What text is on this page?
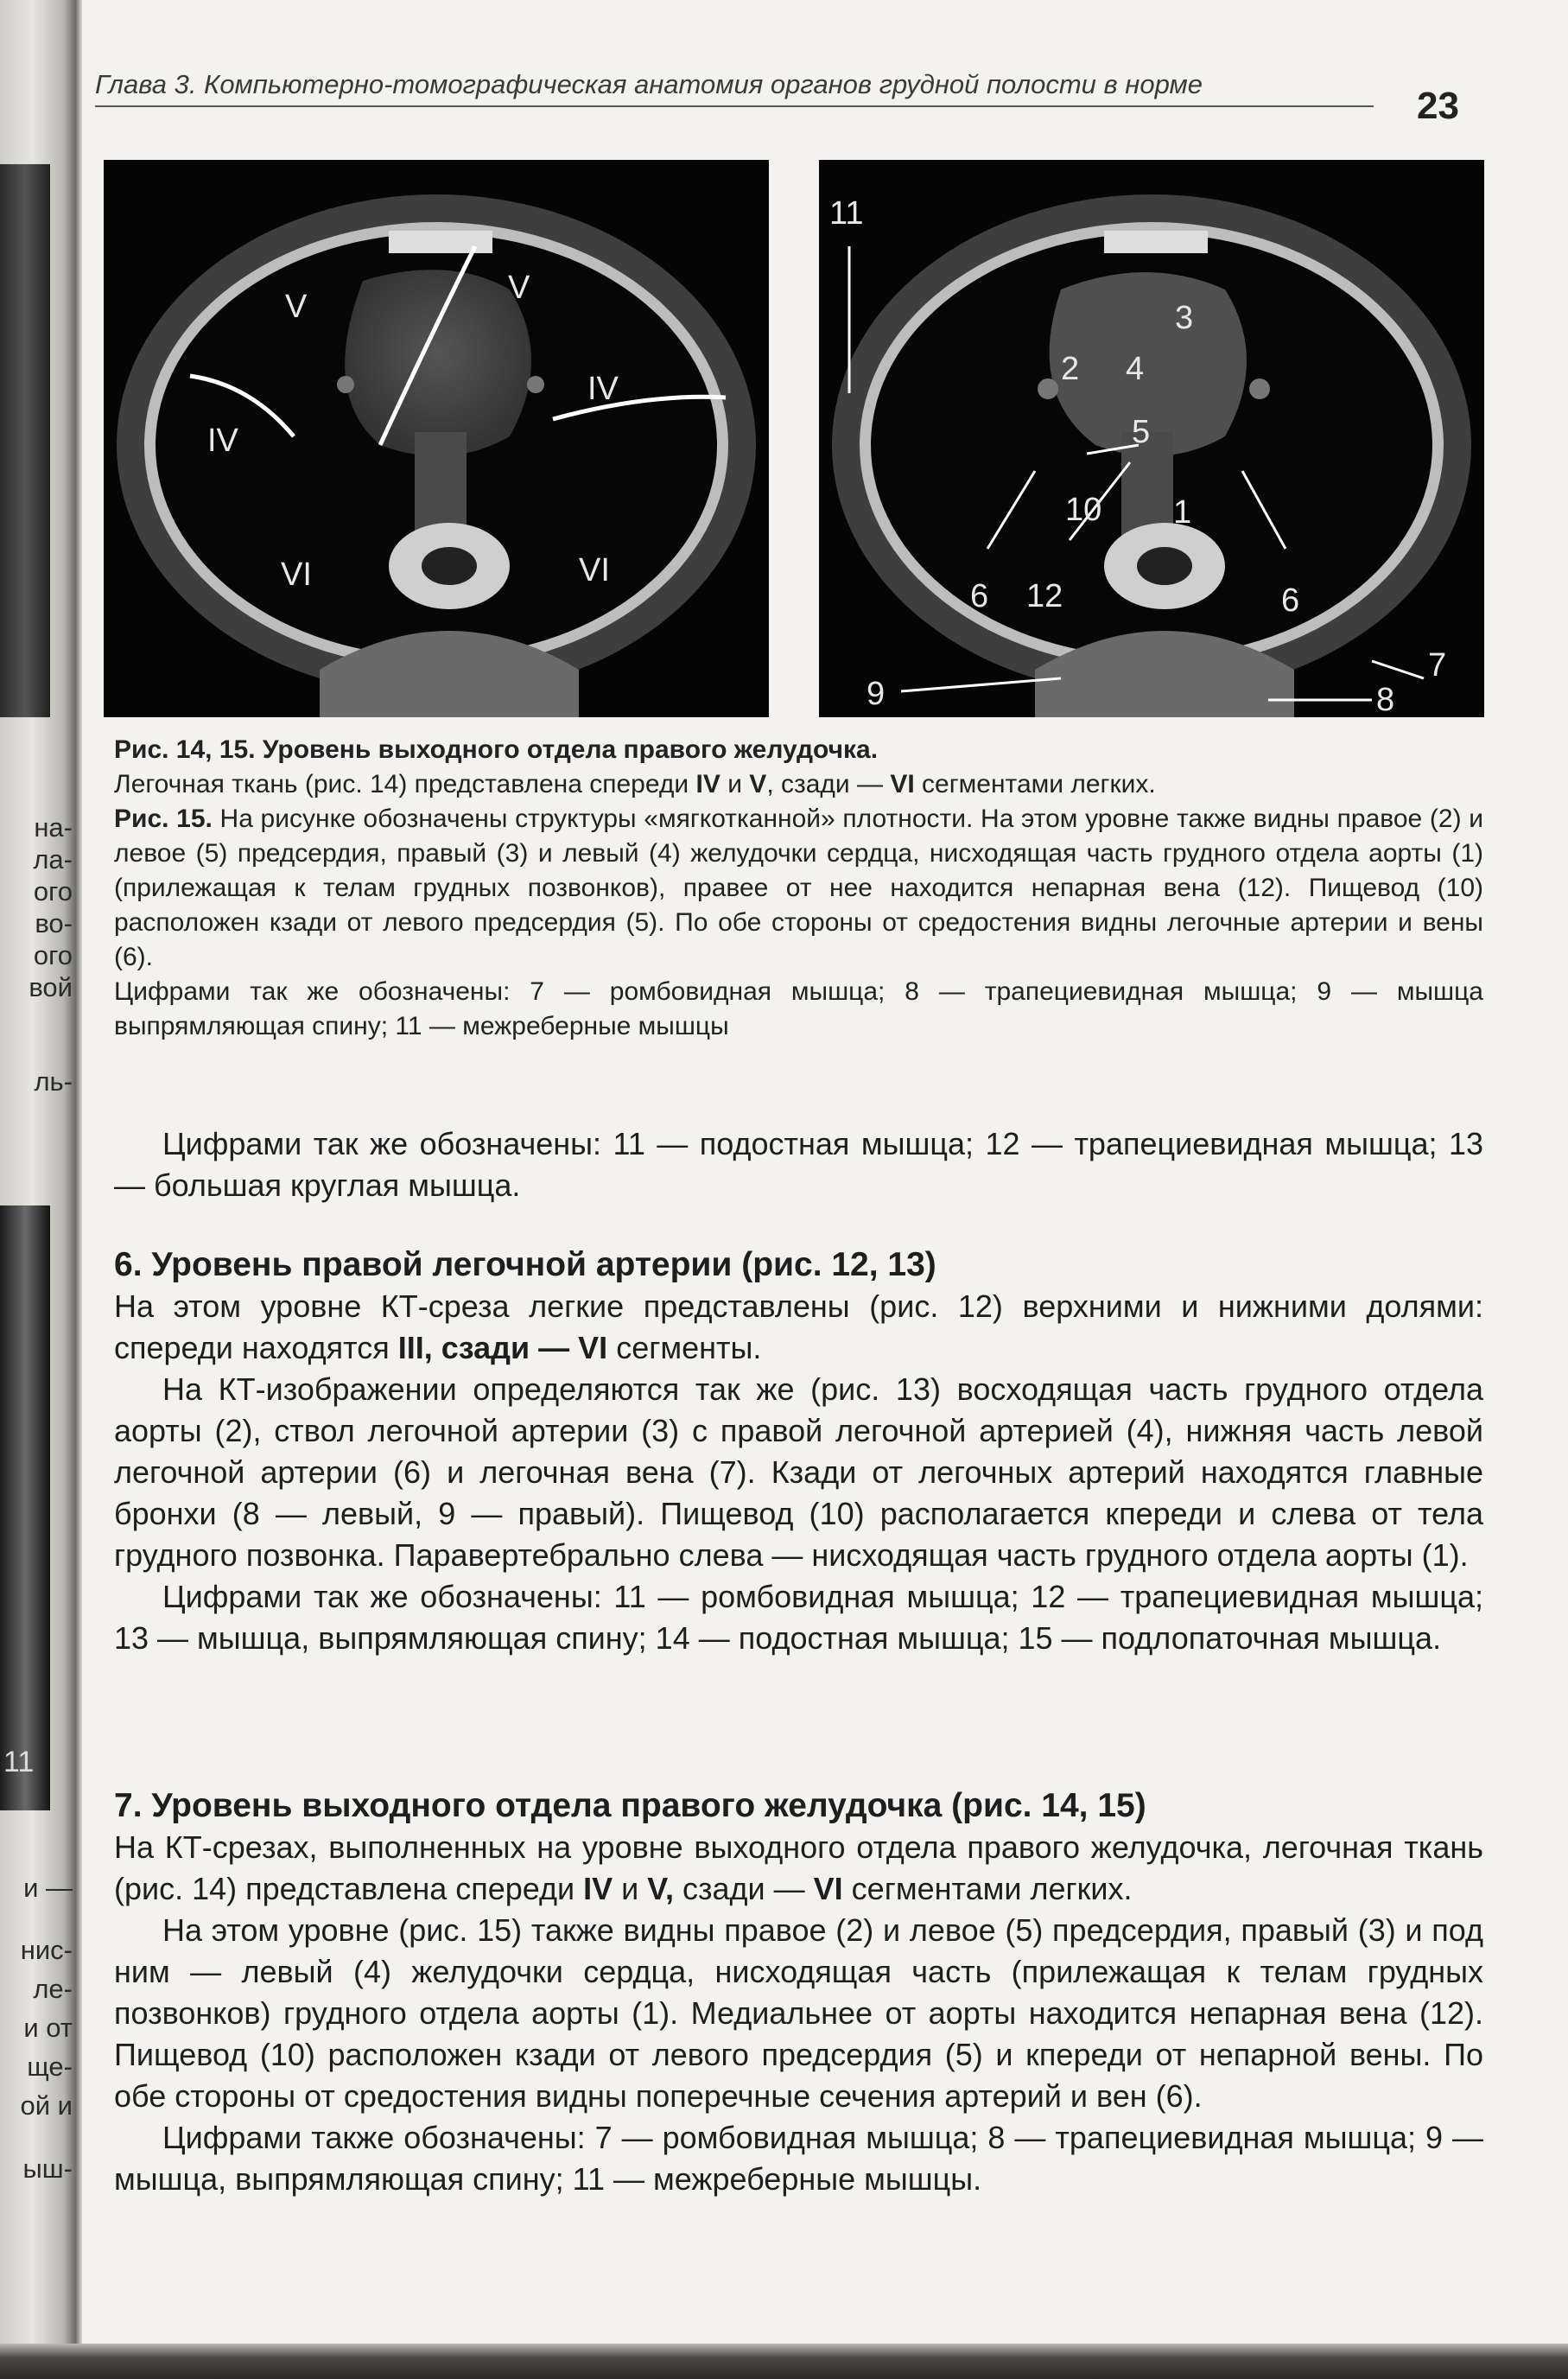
11
на-
ла-
ого
во-
ого
вой
ль-
и —
нис-
ле-
и от
ще-
ой и
ыш-
Глава 3. Компьютерно-томографическая анатомия органов грудной полости в норме
23
V
V
IV
IV
VI	VI
11
3
2 4
5
10 1
6 12	6
7
9	8

Рис. 14, 15. Уровень выходного отдела правого желудочка.

Легочная ткань (рис. 14) представлена спереди IV и V, сзади — VI сегментами легких.

Рис. 15. На рисунке обозначены структуры «мягкотканной» плотности. На этом уровне также видны правое (2) и левое (5) предсердия, правый (3) и левый (4) желудочки сердца, нисходящая часть грудного отдела аорты (1) (прилежащая к телам грудных позвонков), правее от нее находится непарная вена (12). Пищевод (10) расположен кзади от левого предсердия (5). По обе стороны от средостения видны легочные артерии и вены (6).

Цифрами так же обозначены: 7 — ромбовидная мышца; 8 — трапециевидная мышца; 9 — мышца выпрямляющая спину; 11 — межреберные мышцы

Цифрами так же обозначены: 11 — подостная мышца; 12 — трапециевидная мышца; 13 — большая круглая мышца.

6. Уровень правой легочной артерии (рис. 12, 13)

На этом уровне КТ-среза легкие представлены (рис. 12) верхними и нижними долями: спереди находятся III, сзади — VI сегменты.

На КТ-изображении определяются так же (рис. 13) восходящая часть грудного отдела аорты (2), ствол легочной артерии (3) с правой легочной артерией (4), нижняя часть левой легочной артерии (6) и легочная вена (7). Кзади от легочных артерий находятся главные бронхи (8 — левый, 9 — правый). Пищевод (10) располагается кпереди и слева от тела грудного позвонка. Паравертебрально слева — нисходящая часть грудного отдела аорты (1).

Цифрами так же обозначены: 11 — ромбовидная мышца; 12 — трапециевидная мышца; 13 — мышца, выпрямляющая спину; 14 — подостная мышца; 15 — подлопаточная мышца.

7. Уровень выходного отдела правого желудочка (рис. 14, 15)

На КТ-срезах, выполненных на уровне выходного отдела правого желудочка, легочная ткань (рис. 14) представлена спереди IV и V, сзади — VI сегментами легких.

На этом уровне (рис. 15) также видны правое (2) и левое (5) предсердия, правый (3) и под ним — левый (4) желудочки сердца, нисходящая часть (прилежащая к телам грудных позвонков) грудного отдела аорты (1). Медиальнее от аорты находится непарная вена (12). Пищевод (10) расположен кзади от левого предсердия (5) и кпереди от непарной вены. По обе стороны от средостения видны поперечные сечения артерий и вен (6).

Цифрами также обозначены: 7 — ромбовидная мышца; 8 — трапециевидная мышца; 9 — мышца, выпрямляющая спину; 11 — межреберные мышцы.
